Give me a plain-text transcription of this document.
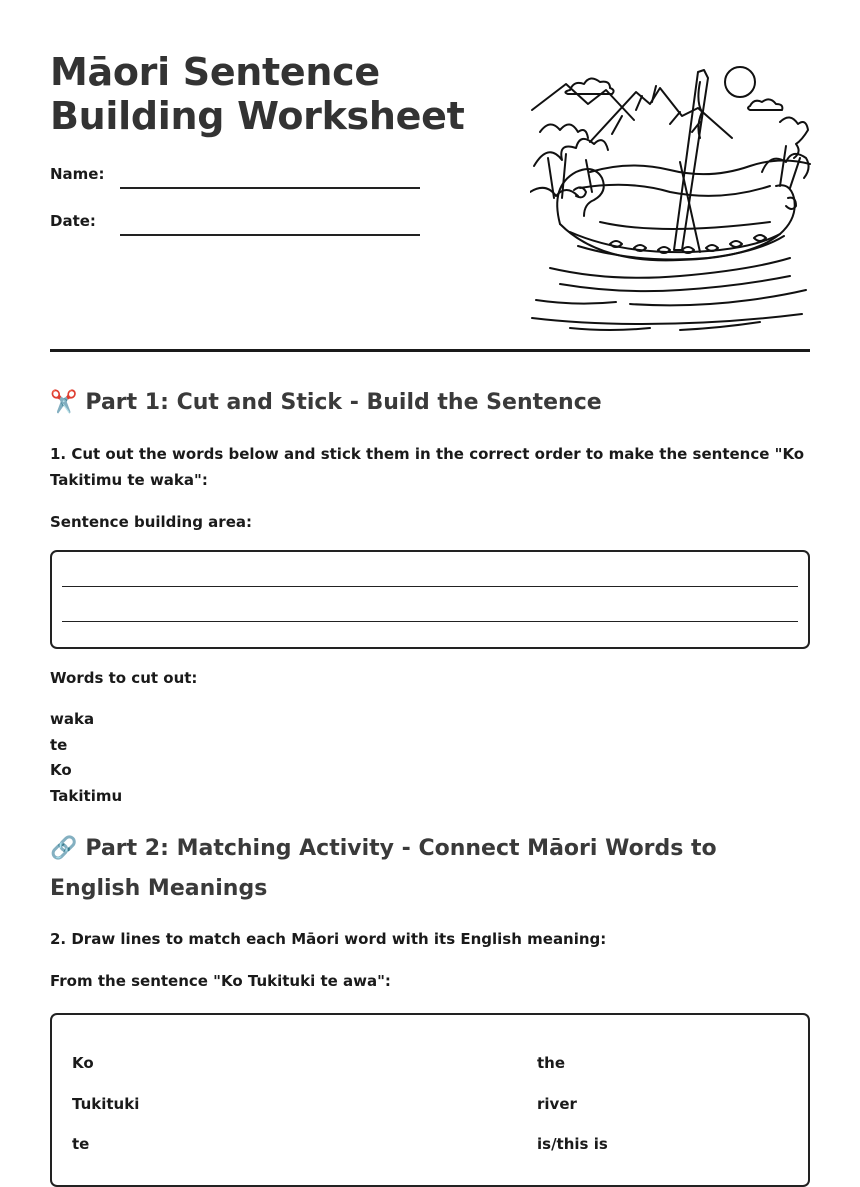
Māori Sentence
Building Worksheet
Name:
Date:
✂️ Part 1: Cut and Stick - Build the Sentence

1. Cut out the words below and stick them in the correct order to make the sentence "Ko Takitimu te waka":

Sentence building area:

Words to cut out:

waka
te
Ko
Takitimu
🔗 Part 2: Matching Activity - Connect Māori Words to English Meanings

2. Draw lines to match each Māori word with its English meaning:

From the sentence "Ko Tukituki te awa":

Ko
Tukituki
te
the
river
is/this is
